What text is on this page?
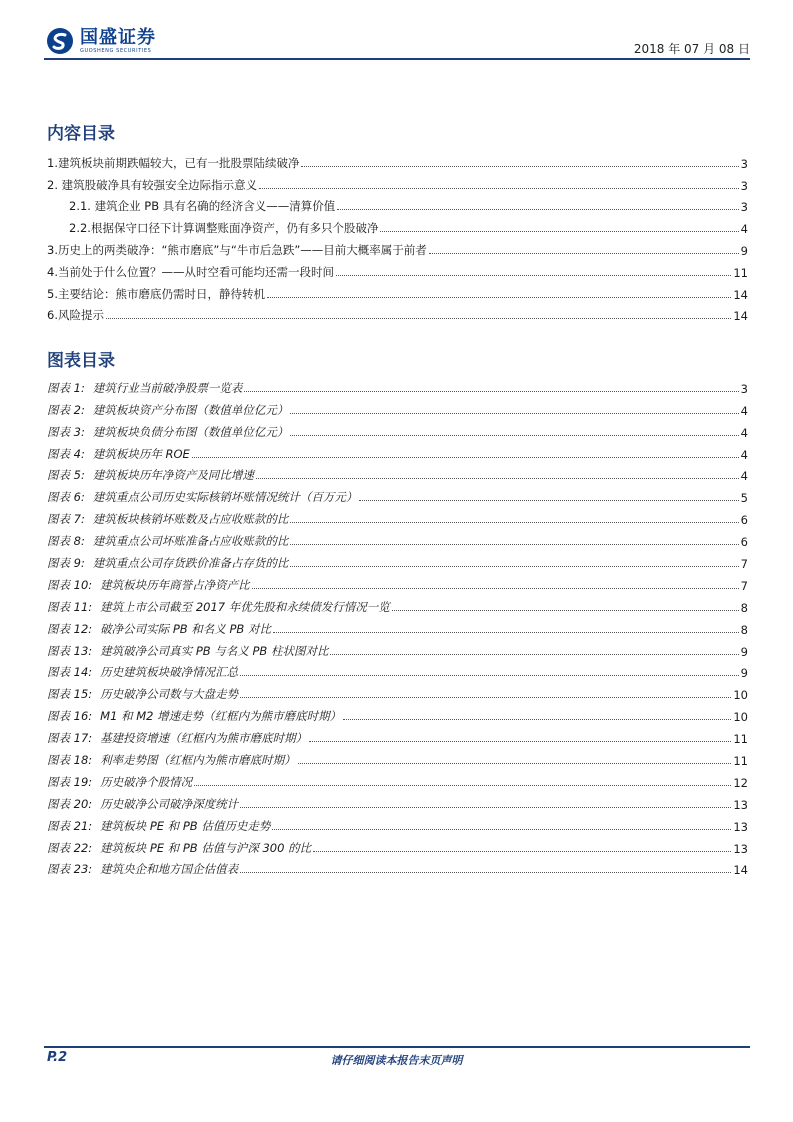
国盛证券
GUOSHENG SECURITIES	2018 年 07 月 08 日
内容目录
1.建筑板块前期跌幅较大，已有一批股票陆续破净	3
2. 建筑股破净具有较强安全边际指示意义	3
2.1. 建筑企业 PB 具有名确的经济含义——清算价值	3
2.2.根据保守口径下计算调整账面净资产，仍有多只个股破净	4
3.历史上的两类破净：“熊市磨底”与“牛市后急跌”——目前大概率属于前者	9
4.当前处于什么位置？——从时空看可能均还需一段时间	11
5.主要结论：熊市磨底仍需时日，静待转机	14
6.风险提示	14
图表目录
图表 1: 建筑行业当前破净股票一览表	3
图表 2: 建筑板块资产分布图（数值单位亿元）	4
图表 3: 建筑板块负债分布图（数值单位亿元）	4
图表 4: 建筑板块历年 ROE	4
图表 5: 建筑板块历年净资产及同比增速	4
图表 6: 建筑重点公司历史实际核销坏账情况统计（百万元）	5
图表 7: 建筑板块核销坏账数及占应收账款的比	6
图表 8: 建筑重点公司坏账准备占应收账款的比	6
图表 9: 建筑重点公司存货跌价准备占存货的比	7
图表 10: 建筑板块历年商誉占净资产比	7
图表 11: 建筑上市公司截至 2017 年优先股和永续债发行情况一览	8
图表 12: 破净公司实际 PB 和名义 PB 对比	8
图表 13: 建筑破净公司真实 PB 与名义 PB 柱状图对比	9
图表 14: 历史建筑板块破净情况汇总	9
图表 15: 历史破净公司数与大盘走势	10
图表 16: M1 和 M2 增速走势（红框内为熊市磨底时期）	10
图表 17: 基建投资增速（红框内为熊市磨底时期）	11
图表 18: 利率走势图（红框内为熊市磨底时期）	11
图表 19: 历史破净个股情况	12
图表 20: 历史破净公司破净深度统计	13
图表 21: 建筑板块 PE 和 PB 估值历史走势	13
图表 22: 建筑板块 PE 和 PB 估值与沪深 300 的比	13
图表 23: 建筑央企和地方国企估值表	14
P.2	请仔细阅读本报告末页声明
